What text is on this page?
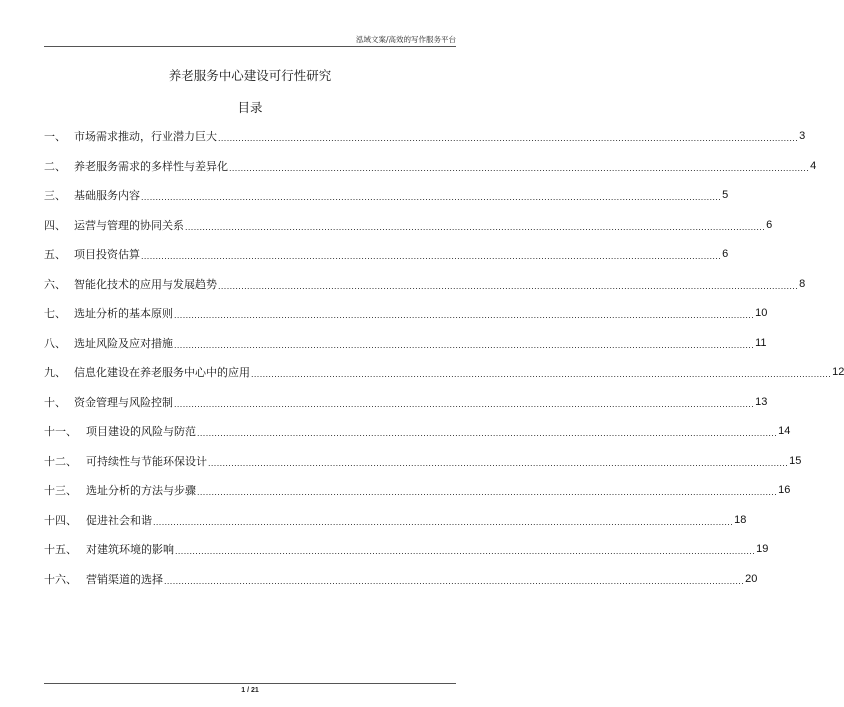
泓域文案/高效的写作服务平台
养老服务中心建设可行性研究
目录
一、 市场需求推动，行业潜力巨大 ........................................................................................................................................................................................................ 3
二、 养老服务需求的多样性与差异化 ........................................................................................................................................................................................................ 4
三、 基础服务内容 ........................................................................................................................................................................................................ 5
四、 运营与管理的协同关系 ........................................................................................................................................................................................................ 6
五、 项目投资估算 ........................................................................................................................................................................................................ 6
六、 智能化技术的应用与发展趋势 ........................................................................................................................................................................................................ 8
七、 选址分析的基本原则 ........................................................................................................................................................................................................ 10
八、 选址风险及应对措施 ........................................................................................................................................................................................................ 11
九、 信息化建设在养老服务中心中的应用 ........................................................................................................................................................................................................ 12
十、 资金管理与风险控制 ........................................................................................................................................................................................................ 13
十一、 项目建设的风险与防范 ........................................................................................................................................................................................................ 14
十二、 可持续性与节能环保设计 ........................................................................................................................................................................................................ 15
十三、 选址分析的方法与步骤 ........................................................................................................................................................................................................ 16
十四、 促进社会和谐 ........................................................................................................................................................................................................ 18
十五、 对建筑环境的影响 ........................................................................................................................................................................................................ 19
十六、 营销渠道的选择 ........................................................................................................................................................................................................ 20
1 / 21
